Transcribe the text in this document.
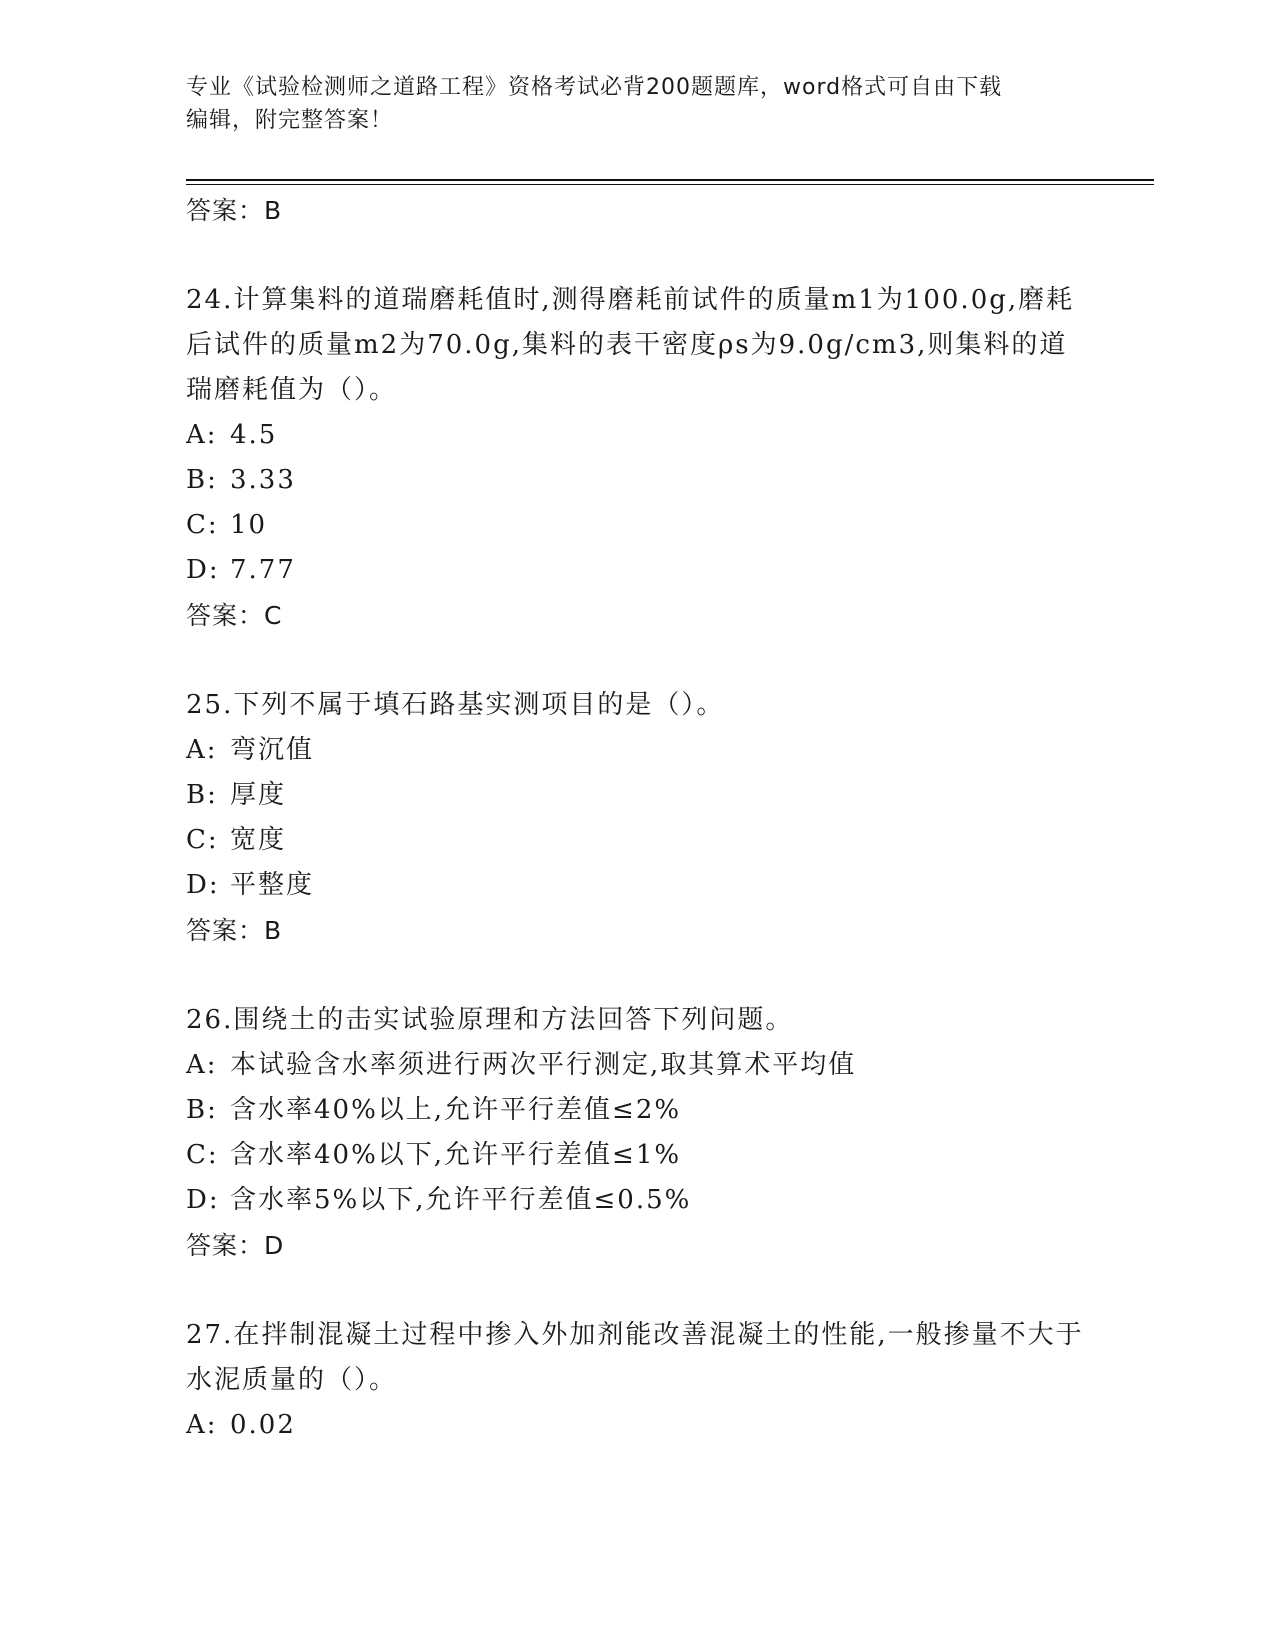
专业《试验检测师之道路工程》资格考试必背200题题库，word格式可自由下载
编辑，附完整答案！
答案：B
24.计算集料的道瑞磨耗值时,测得磨耗前试件的质量m1为100.0g,磨耗后试件的质量m2为70.0g,集料的表干密度ρs为9.0g/cm3,则集料的道瑞磨耗值为（）。
A: 4.5
B: 3.33
C: 10
D: 7.77
答案：C
25.下列不属于填石路基实测项目的是（）。
A: 弯沉值
B: 厚度
C: 宽度
D: 平整度
答案：B
26.围绕土的击实试验原理和方法回答下列问题。
A: 本试验含水率须进行两次平行测定,取其算术平均值
B: 含水率40%以上,允许平行差值≤2%
C: 含水率40%以下,允许平行差值≤1%
D: 含水率5%以下,允许平行差值≤0.5%
答案：D
27.在拌制混凝土过程中掺入外加剂能改善混凝土的性能,一般掺量不大于水泥质量的（）。
A: 0.02
